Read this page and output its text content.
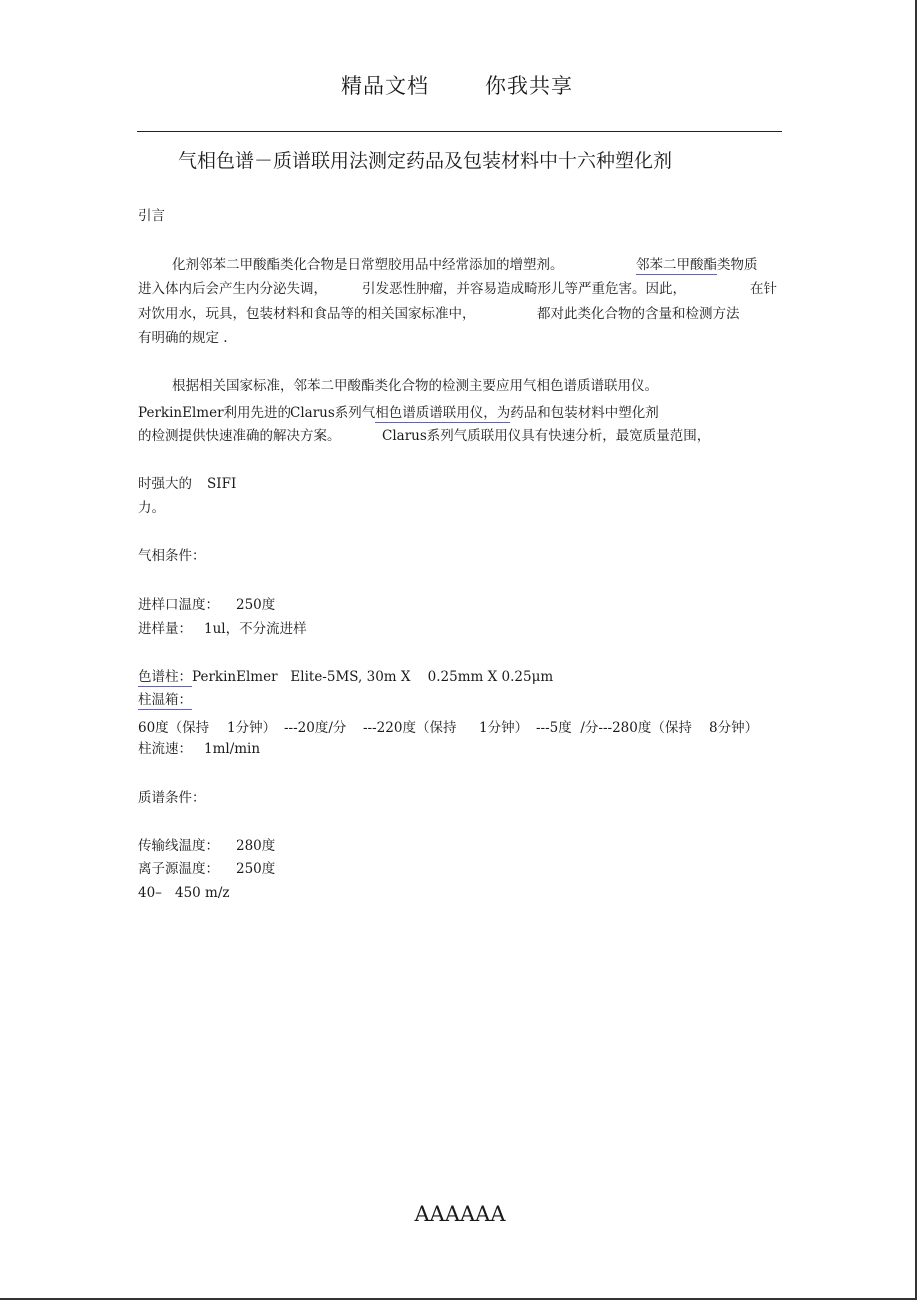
精品文档	你我共享
气相色谱－质谱联用法测定药品及包装材料中十六种塑化剂
引言
化剂邻苯二甲酸酯类化合物是日常塑胶用品中经常添加的增塑剂。	邻苯二甲酸酯类物质
进入体内后会产生内分泌失调，	引发恶性肿瘤，并容易造成畸形儿等严重危害。因此，	在针
对饮用水，玩具，包装材料和食品等的相关国家标准中，	都对此类化合物的含量和检测方法
有明确的规定 .
根据相关国家标准，邻苯二甲酸酯类化合物的检测主要应用气相色谱质谱联用仪。
PerkinElmer利用先进的
Clarus系列气相色谱质谱联用仪，为药品和包装材料中塑化剂
的检测提供快速准确的解决方案。	Clarus系列气质联用仪具有快速分析，最宽质量范围，
时强大的 SIFI
力。
气相条件：
进样口温度： 250度
进样量： 1ul，不分流进样
色谱柱：PerkinElmer   Elite-5MS, 30m X    0.25mm X 0.25μm
柱温箱：
60度（保持 1分钟） ---20度/分 ---220度（保持 1分钟） ---5度  /分---280度（保持 8分钟）
柱流速： 1ml/min
质谱条件：
传输线温度： 280度
离子源温度： 250度
40– 450 m/z
AAAAAA
